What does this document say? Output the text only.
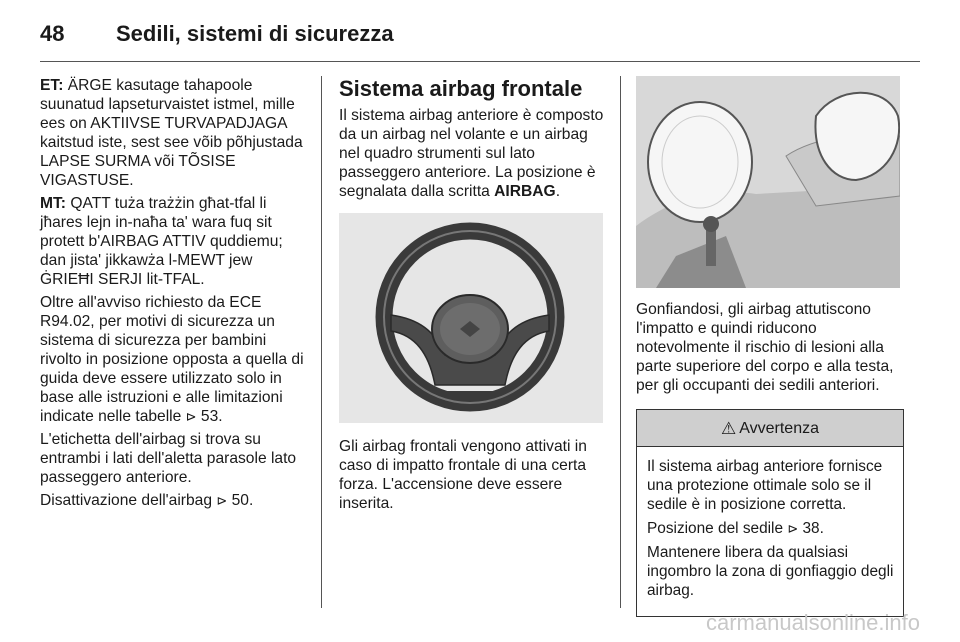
48	Sedili, sistemi di sicurezza

ET: ÄRGE kasutage tahapoole suunatud lapseturvaistet istmel, mille ees on AKTIIVSE TURVAPADJAGA kaitstud iste, sest see võib põhjustada LAPSE SURMA või TÕSISE VIGASTUSE.

MT: QATT tuża trażżin għat-tfal li jħares lejn in-naħa ta' wara fuq sit protett b'AIRBAG ATTIV quddiemu; dan jista' jikkawża l-MEWT jew ĠRIEĦI SERJI lit-TFAL.

Oltre all'avviso richiesto da ECE R94.02, per motivi di sicurezza un sistema di sicurezza per bambini rivolto in posizione opposta a quella di guida deve essere utilizzato solo in base alle istruzioni e alle limitazioni indicate nelle tabelle ⊳ 53.

L'etichetta dell'airbag si trova su entrambi i lati dell'aletta parasole lato passeggero anteriore.

Disattivazione dell'airbag ⊳ 50.

Sistema airbag frontale

Il sistema airbag anteriore è composto da un airbag nel volante e un airbag nel quadro strumenti sul lato passeggero anteriore. La posizione è segnalata dalla scritta AIRBAG.

Gli airbag frontali vengono attivati in caso di impatto frontale di una certa forza. L'accensione deve essere inserita.

Gonfiandosi, gli airbag attutiscono l'impatto e quindi riducono notevolmente il rischio di lesioni alla parte superiore del corpo e alla testa, per gli occupanti dei sedili anteriori.

⚠ Avvertenza

Il sistema airbag anteriore fornisce una protezione ottimale solo se il sedile è in posizione corretta.

Posizione del sedile ⊳ 38.

Mantenere libera da qualsiasi ingombro la zona di gonfiaggio degli airbag.

carmanualsonline.info
